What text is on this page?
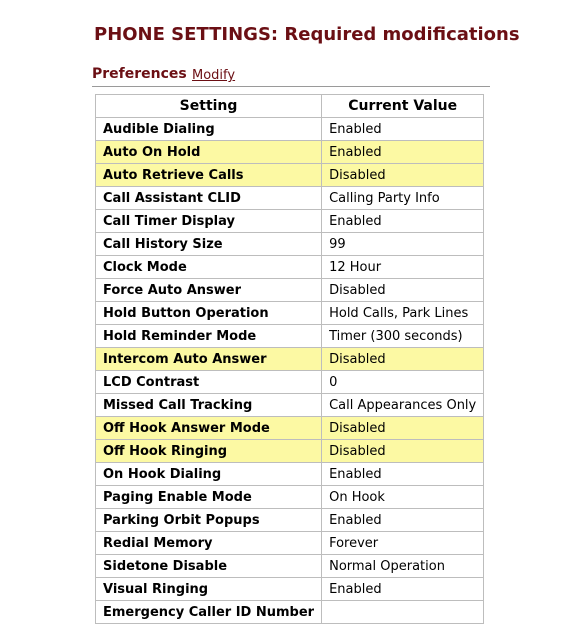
PHONE SETTINGS: Required modifications
Preferences Modify
Setting	Current Value
Audible Dialing	Enabled
Auto On Hold	Enabled
Auto Retrieve Calls	Disabled
Call Assistant CLID	Calling Party Info
Call Timer Display	Enabled
Call History Size	99
Clock Mode	12 Hour
Force Auto Answer	Disabled
Hold Button Operation	Hold Calls, Park Lines
Hold Reminder Mode	Timer (300 seconds)
Intercom Auto Answer	Disabled
LCD Contrast	0
Missed Call Tracking	Call Appearances Only
Off Hook Answer Mode	Disabled
Off Hook Ringing	Disabled
On Hook Dialing	Enabled
Paging Enable Mode	On Hook
Parking Orbit Popups	Enabled
Redial Memory	Forever
Sidetone Disable	Normal Operation
Visual Ringing	Enabled
Emergency Caller ID Number	
